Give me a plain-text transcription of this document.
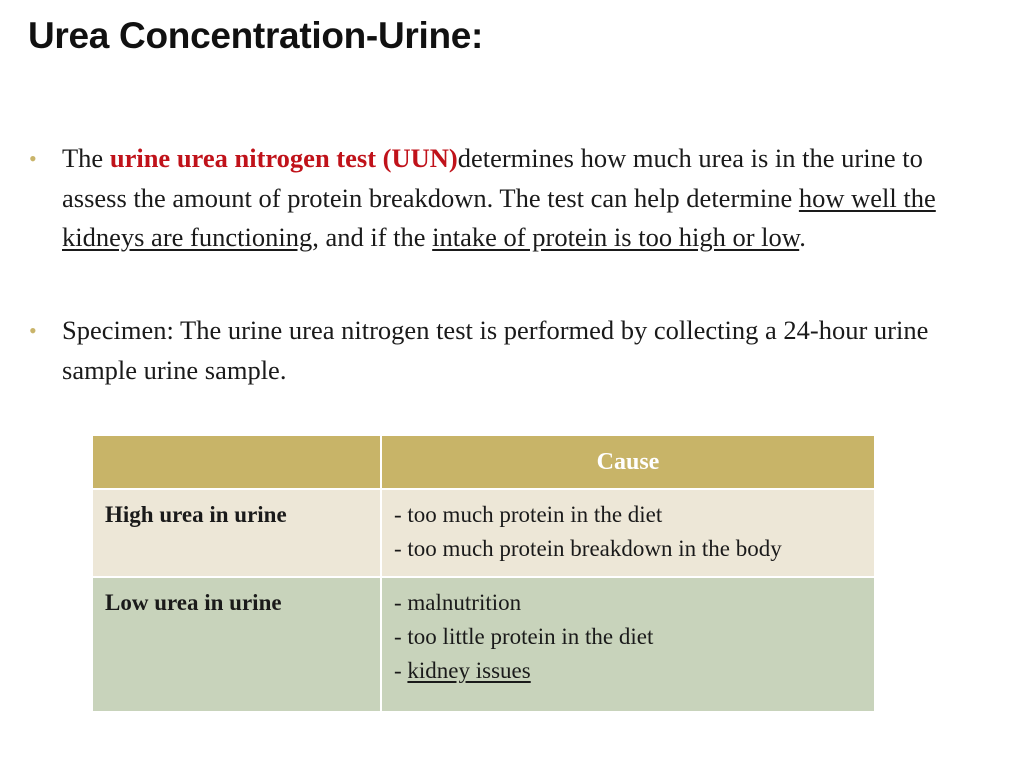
Urea Concentration-Urine:
• The urine urea nitrogen test (UUN)determines how much urea is in the urine to assess the amount of protein breakdown. The test can help determine how well the kidneys are functioning, and if the intake of protein is too high or low.
• Specimen: The urine urea nitrogen test is performed by collecting a 24-hour urine sample urine sample.
	Cause
High urea in urine	- too much protein in the diet
- too much protein breakdown in the body

Low urea in urine	- malnutrition
- too little protein in the diet
- kidney issues
